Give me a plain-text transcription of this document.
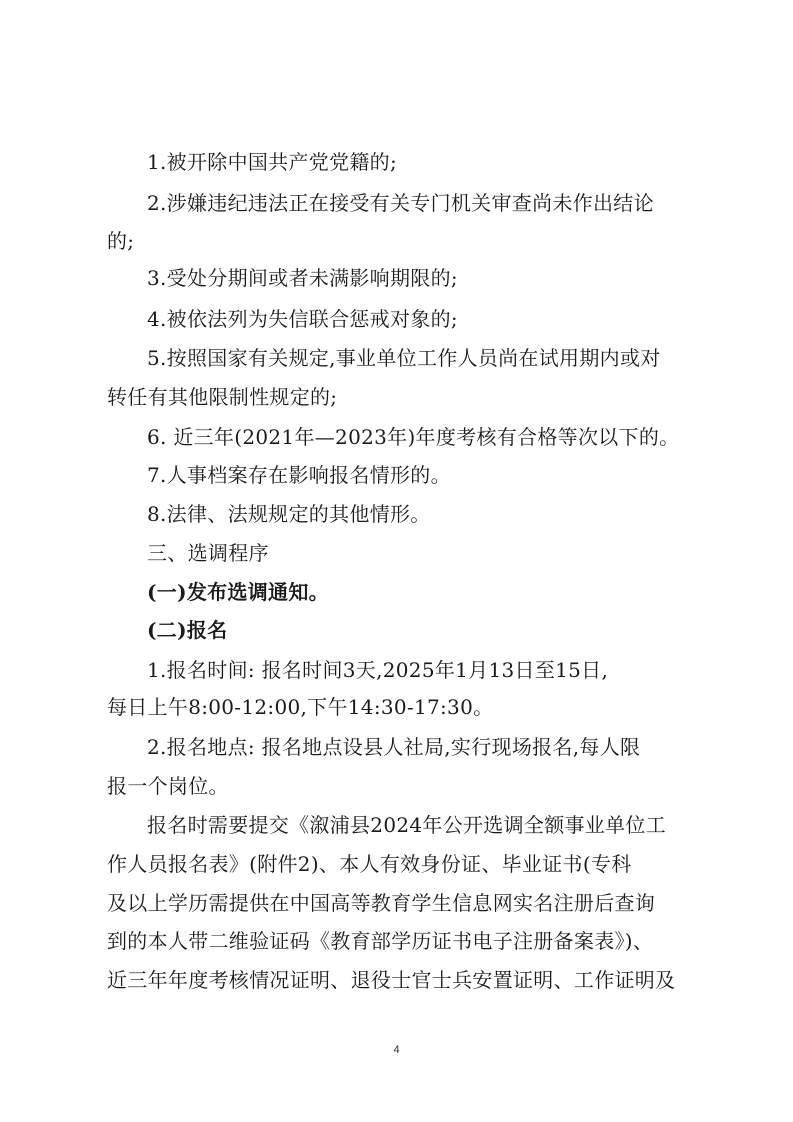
1.被开除中国共产党党籍的;
2.涉嫌违纪违法正在接受有关专门机关审查尚未作出结论
的;
3.受处分期间或者未满影响期限的;
4.被依法列为失信联合惩戒对象的;
5.按照国家有关规定,事业单位工作人员尚在试用期内或对
转任有其他限制性规定的;
6. 近三年(2021年—2023年)年度考核有合格等次以下的。
7.人事档案存在影响报名情形的。
8.法律、法规规定的其他情形。
三、选调程序
(一)发布选调通知。
(二)报名
1.报名时间: 报名时间3天,2025年1月13日至15日,
每日上午8:00-12:00,下午14:30-17:30。
2.报名地点: 报名地点设县人社局,实行现场报名,每人限
报一个岗位。
报名时需要提交《溆浦县2024年公开选调全额事业单位工
作人员报名表》(附件2)、本人有效身份证、毕业证书(专科
及以上学历需提供在中国高等教育学生信息网实名注册后查询
到的本人带二维验证码《教育部学历证书电子注册备案表》)、
近三年年度考核情况证明、退役士官士兵安置证明、工作证明及
4
